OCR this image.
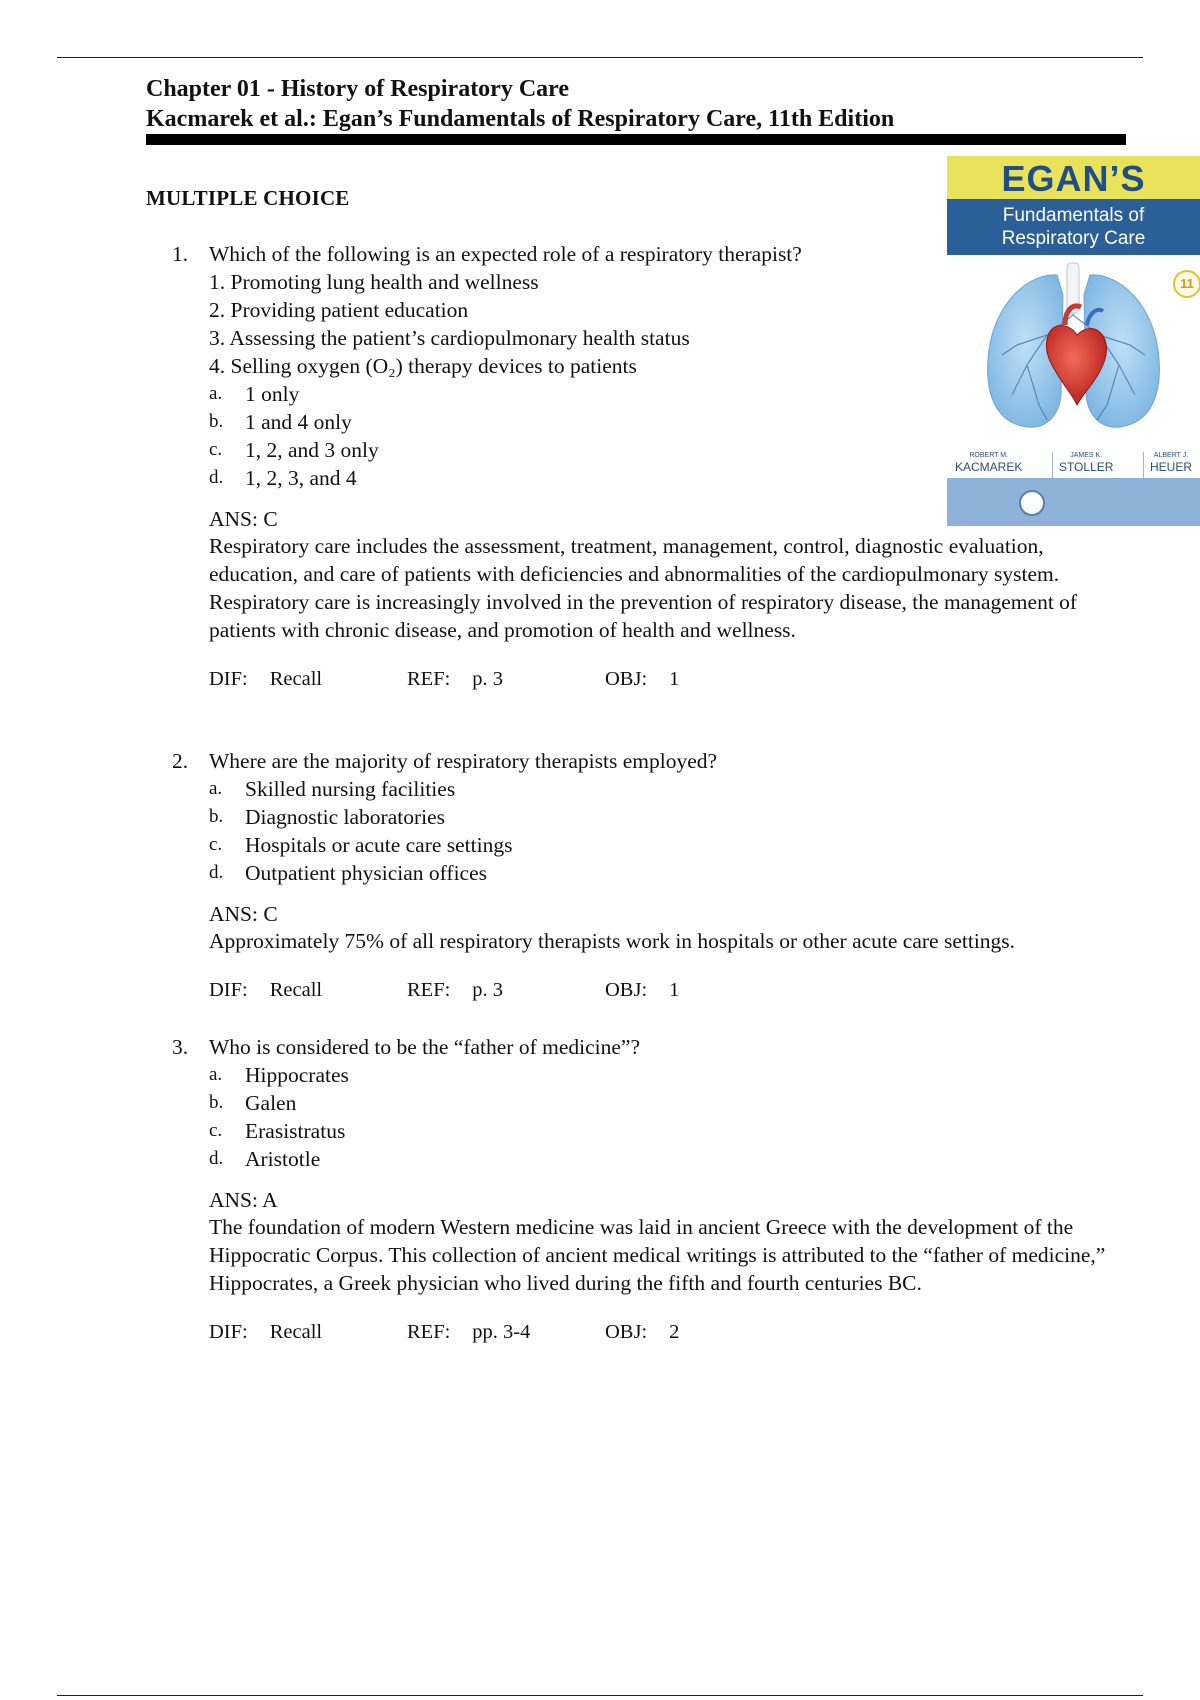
Chapter 01 - History of Respiratory Care
Kacmarek et al.: Egan’s Fundamentals of Respiratory Care, 11th Edition
MULTIPLE CHOICE	EGAN’S
Fundamentals of
Respiratory Care
11
ROBERT M.
KACMAREK
JAMES K.
STOLLER
ALBERT J.
HEUER
1. Which of the following is an expected role of a respiratory therapist?
1. Promoting lung health and wellness
2. Providing patient education
3. Assessing the patient’s cardiopulmonary health status
4. Selling oxygen (O₂) therapy devices to patients
a.	1 only
b.	1 and 4 only
c.	1, 2, and 3 only
d.	1, 2, 3, and 4
ANS: C
Respiratory care includes the assessment, treatment, management, control, diagnostic evaluation, education, and care of patients with deficiencies and abnormalities of the cardiopulmonary system. Respiratory care is increasingly involved in the prevention of respiratory disease, the management of patients with chronic disease, and promotion of health and wellness.
DIF: Recall	REF: p. 3	OBJ: 1
2. Where are the majority of respiratory therapists employed?
a.	Skilled nursing facilities
b.	Diagnostic laboratories
c.	Hospitals or acute care settings
d.	Outpatient physician offices
ANS: C
Approximately 75% of all respiratory therapists work in hospitals or other acute care settings.
DIF: Recall	REF: p. 3	OBJ: 1
3. Who is considered to be the “father of medicine”?
a.	Hippocrates
b.	Galen
c.	Erasistratus
d.	Aristotle
ANS: A
The foundation of modern Western medicine was laid in ancient Greece with the development of the Hippocratic Corpus. This collection of ancient medical writings is attributed to the “father of medicine,” Hippocrates, a Greek physician who lived during the fifth and fourth centuries BC.
DIF: Recall	REF: pp. 3-4	OBJ: 2
